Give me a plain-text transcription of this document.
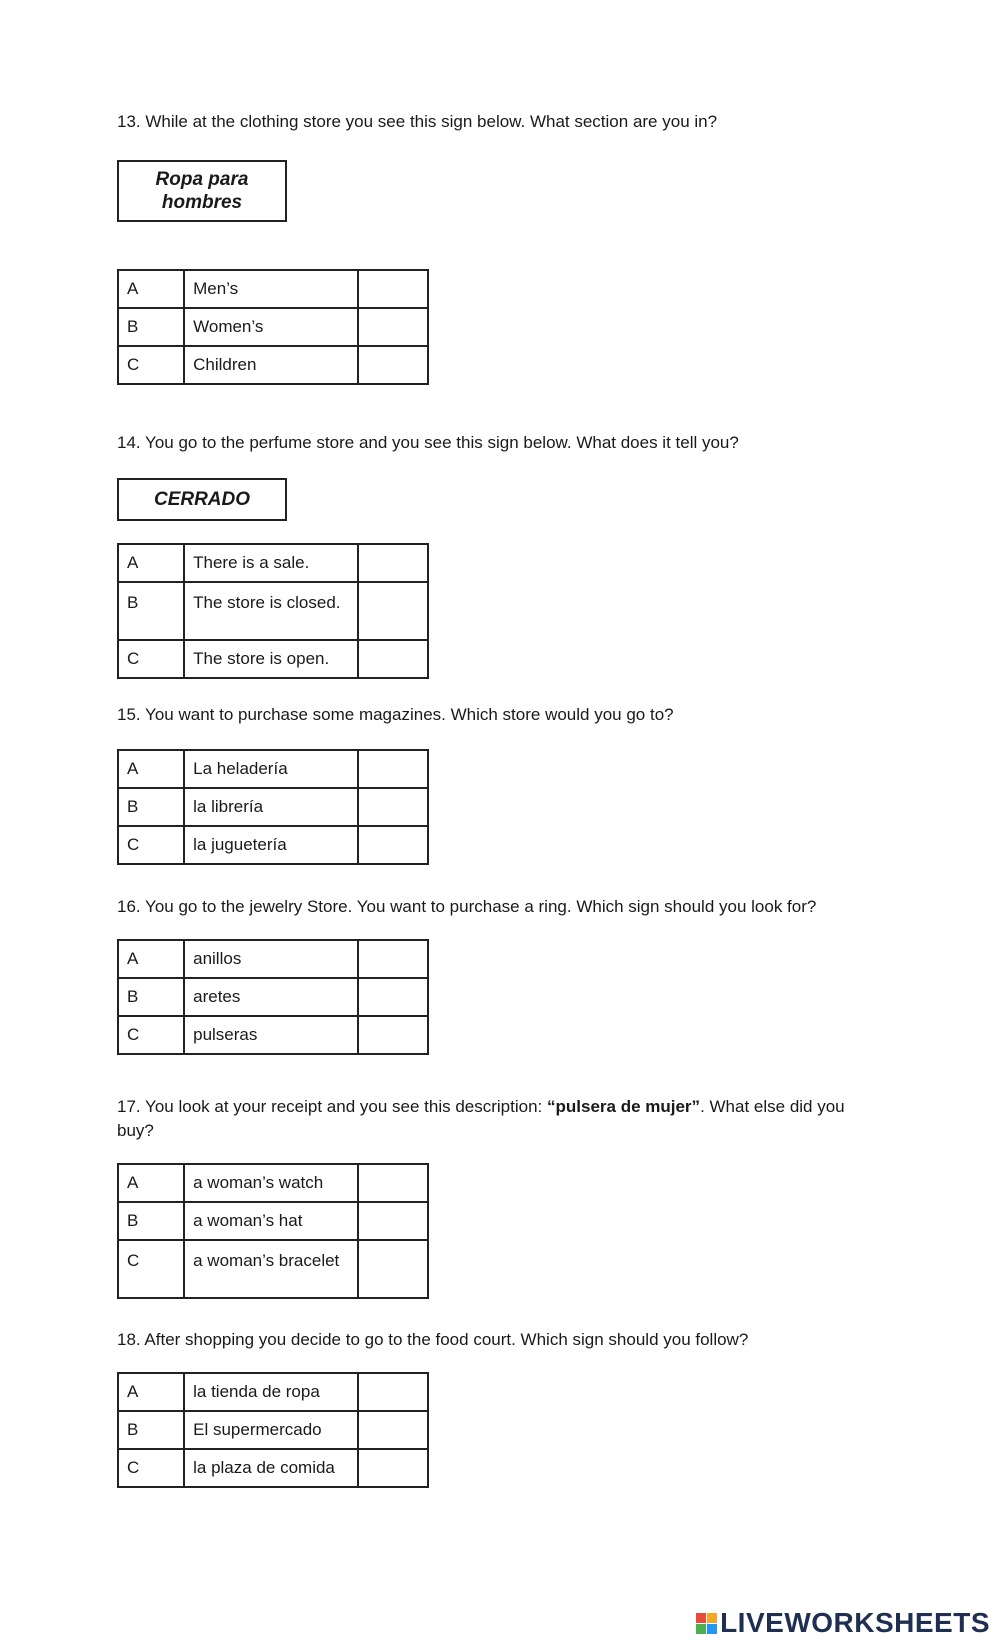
13. While at the clothing store you see this sign below. What section are you in?

Ropa para
hombres
A	Men’s	
B	Women’s	
C	Children	

14. You go to the perfume store and you see this sign below. What does it tell you?

CERRADO
A	There is a sale.	
B	The store is closed.	
C	The store is open.	

15. You want to purchase some magazines. Which store would you go to?

A	La heladería	
B	la librería	
C	la juguetería	

16. You go to the jewelry Store. You want to purchase a ring. Which sign should you look for?

A	anillos	
B	aretes	
C	pulseras	

17. You look at your receipt and you see this description: “pulsera de mujer”. What else did you buy?

A	a woman’s watch	
B	a woman’s hat	
C	a woman’s bracelet	

18. After shopping you decide to go to the food court. Which sign should you follow?

A	la tienda de ropa	
B	El supermercado	
C	la plaza de comida	
LIVEWORKSHEETS
